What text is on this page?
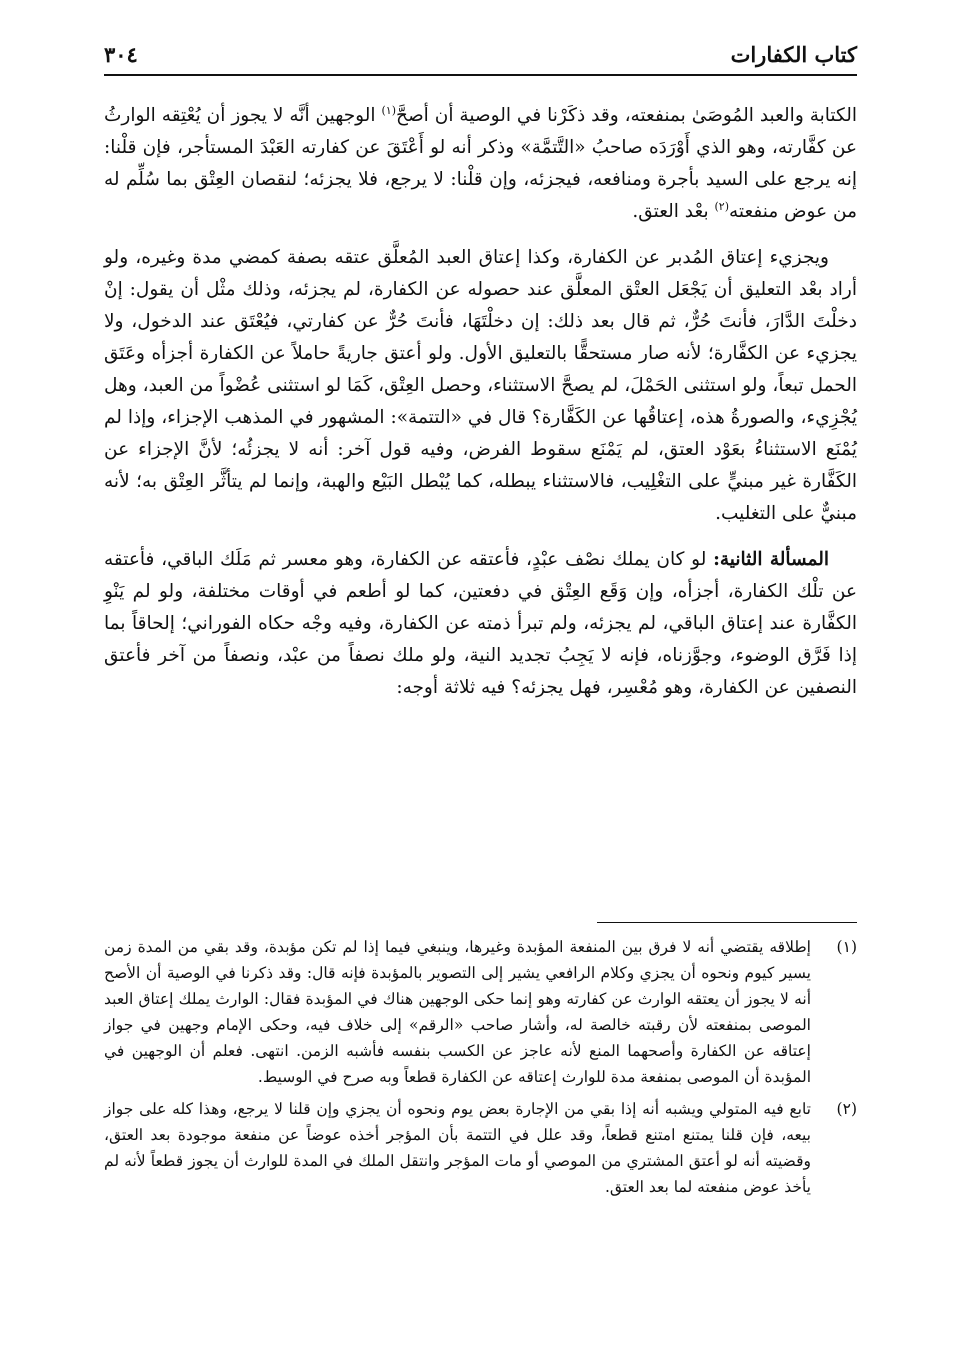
كتاب الكفارات
٣٠٤

الكتابة والعبد المُوصَىٰ بمنفعته، وقد ذكَرْنا في الوصية أن أصحَّ$^{(١)}$ الوجهين أنَّه لا يجوز أن يُعْتِقه الوارثُ عن كفَّارته، وهو الذي أَوْرَدَه صاحبُ «التَّتمَّة» وذكر أنه لو أَعْتَقَ عن كفارته العَبْدَ المستأجر، فإن قلْنا: إنه يرجع على السيد بأجرة ومنافعه، فيجزئه، وإن قلْنا: لا يرجع، فلا يجزئه؛ لنقصان العِتْق بما سُلِّم له من عوض منفعته$^{(٢)}$ بعْد العتق.

ويجزيء إعتاق المُدبر عن الكفارة، وكذا إعتاق العبد المُعلَّق عتقه بصفة كمضي مدة وغيره، ولو أراد بعْد التعليق أن يَجْعَل العتْق المعلَّق عند حصوله عن الكفارة، لم يجزئه، وذلك مثْل أن يقول: إنْ دخلْتَ الدَّارَ، فأنتَ حُرٌّ، ثم قال بعد ذلك: إن دخلْتَهَا، فأنتَ حُرٌّ عن كفارتي، فيُعْتَق عند الدخول، ولا يجزيء عن الكفَّارة؛ لأنه صار مستحقًّا بالتعليق الأول. ولو أعتق جاريةً حاملاً عن الكفارة أجزأه وعَتَق الحمل تبعاً، ولو استثنى الحَمْلَ، لم يصحَّ الاستثناء، وحصل العِتْق، كَمَا لو استثنى عُضْواً من العبد، وهل يُجْزِيء، والصورةُ هذه، إعتاقُها عن الكَفَّارة؟ قال في «التتمة»: المشهور في المذهب الإجزاء، وإذا لم يُمْنَع الاستثناءُ بعَوْد العتق، لم يَمْنَع سقوط الفرض، وفيه قول آخر: أنه لا يجزئُه؛ لأنَّ الإجزاء عن الكَفَّارة غير مبنيٍّ على التغْلِيب، فالاستثناء يبطله، كما يُبْطل البَيْع والهبة، وإنما لم يتأثَّر العِتْق به؛ لأنه مبنيٌّ على التغليب.

المسألة الثانية: لو كان يملك نصْف عبْدٍ، فأعتقه عن الكفارة، وهو معسر ثم مَلَك الباقي، فأعتقه عن تلْك الكفارة، أجزأه، وإن وَقَع العِتْق في دفعتين، كما لو أطعم في أوقات مختلفة، ولو لم يَنْوِ الكفَّارة عند إعتاق الباقي، لم يجزئه، ولم تبرأ ذمته عن الكفارة، وفيه وجْه حكاه الفوراني؛ إلحاقاً بما إذا فَرَّق الوضوء، وجوَّزناه، فإنه لا يَجِبُ تجديد النية، ولو ملك نصفاً من عبْد، ونصفاً من آخر فأعتق النصفين عن الكفارة، وهو مُعْسِر، فهل يجزئه؟ فيه ثلاثة أوجه:

(١)
إطلاقه يقتضي أنه لا فرق بين المنفعة المؤبدة وغيرها، وينبغي فيما إذا لم تكن مؤبدة، وقد بقي من المدة زمن يسير كيوم ونحوه أن يجزي وكلام الرافعي يشير إلى التصوير بالمؤبدة فإنه قال: وقد ذكرنا في الوصية أن الأصح أنه لا يجوز أن يعتقه الوارث عن كفارته وهو إنما حكى الوجهين هناك في المؤبدة فقال: الوارث يملك إعتاق العبد الموصى بمنفعته لأن رقبته خالصة له، وأشار صاحب «الرقم» إلى خلاف فيه، وحكى الإمام وجهين في جواز إعتاقه عن الكفارة وأصحهما المنع لأنه عاجز عن الكسب بنفسه فأشبه الزمن. انتهى. فعلم أن الوجهين في المؤبدة أن الموصى بمنفعة مدة للوارث إعتاقه عن الكفارة قطعاً وبه صرح في الوسيط.
(٢)
تابع فيه المتولي ويشبه أنه إذا بقي من الإجارة بعض يوم ونحوه أن يجزي وإن قلنا لا يرجع، وهذا كله على جواز بيعه، فإن قلنا يمتنع امتنع قطعاً، وقد علل في التتمة بأن المؤجر أخذه عوضاً عن منفعة موجودة بعد العتق، وقضيته أنه لو أعتق المشتري من الموصي أو مات المؤجر وانتقل الملك في المدة للوارث أن يجوز قطعاً لأنه لم يأخذ عوض منفعته لما بعد العتق.
